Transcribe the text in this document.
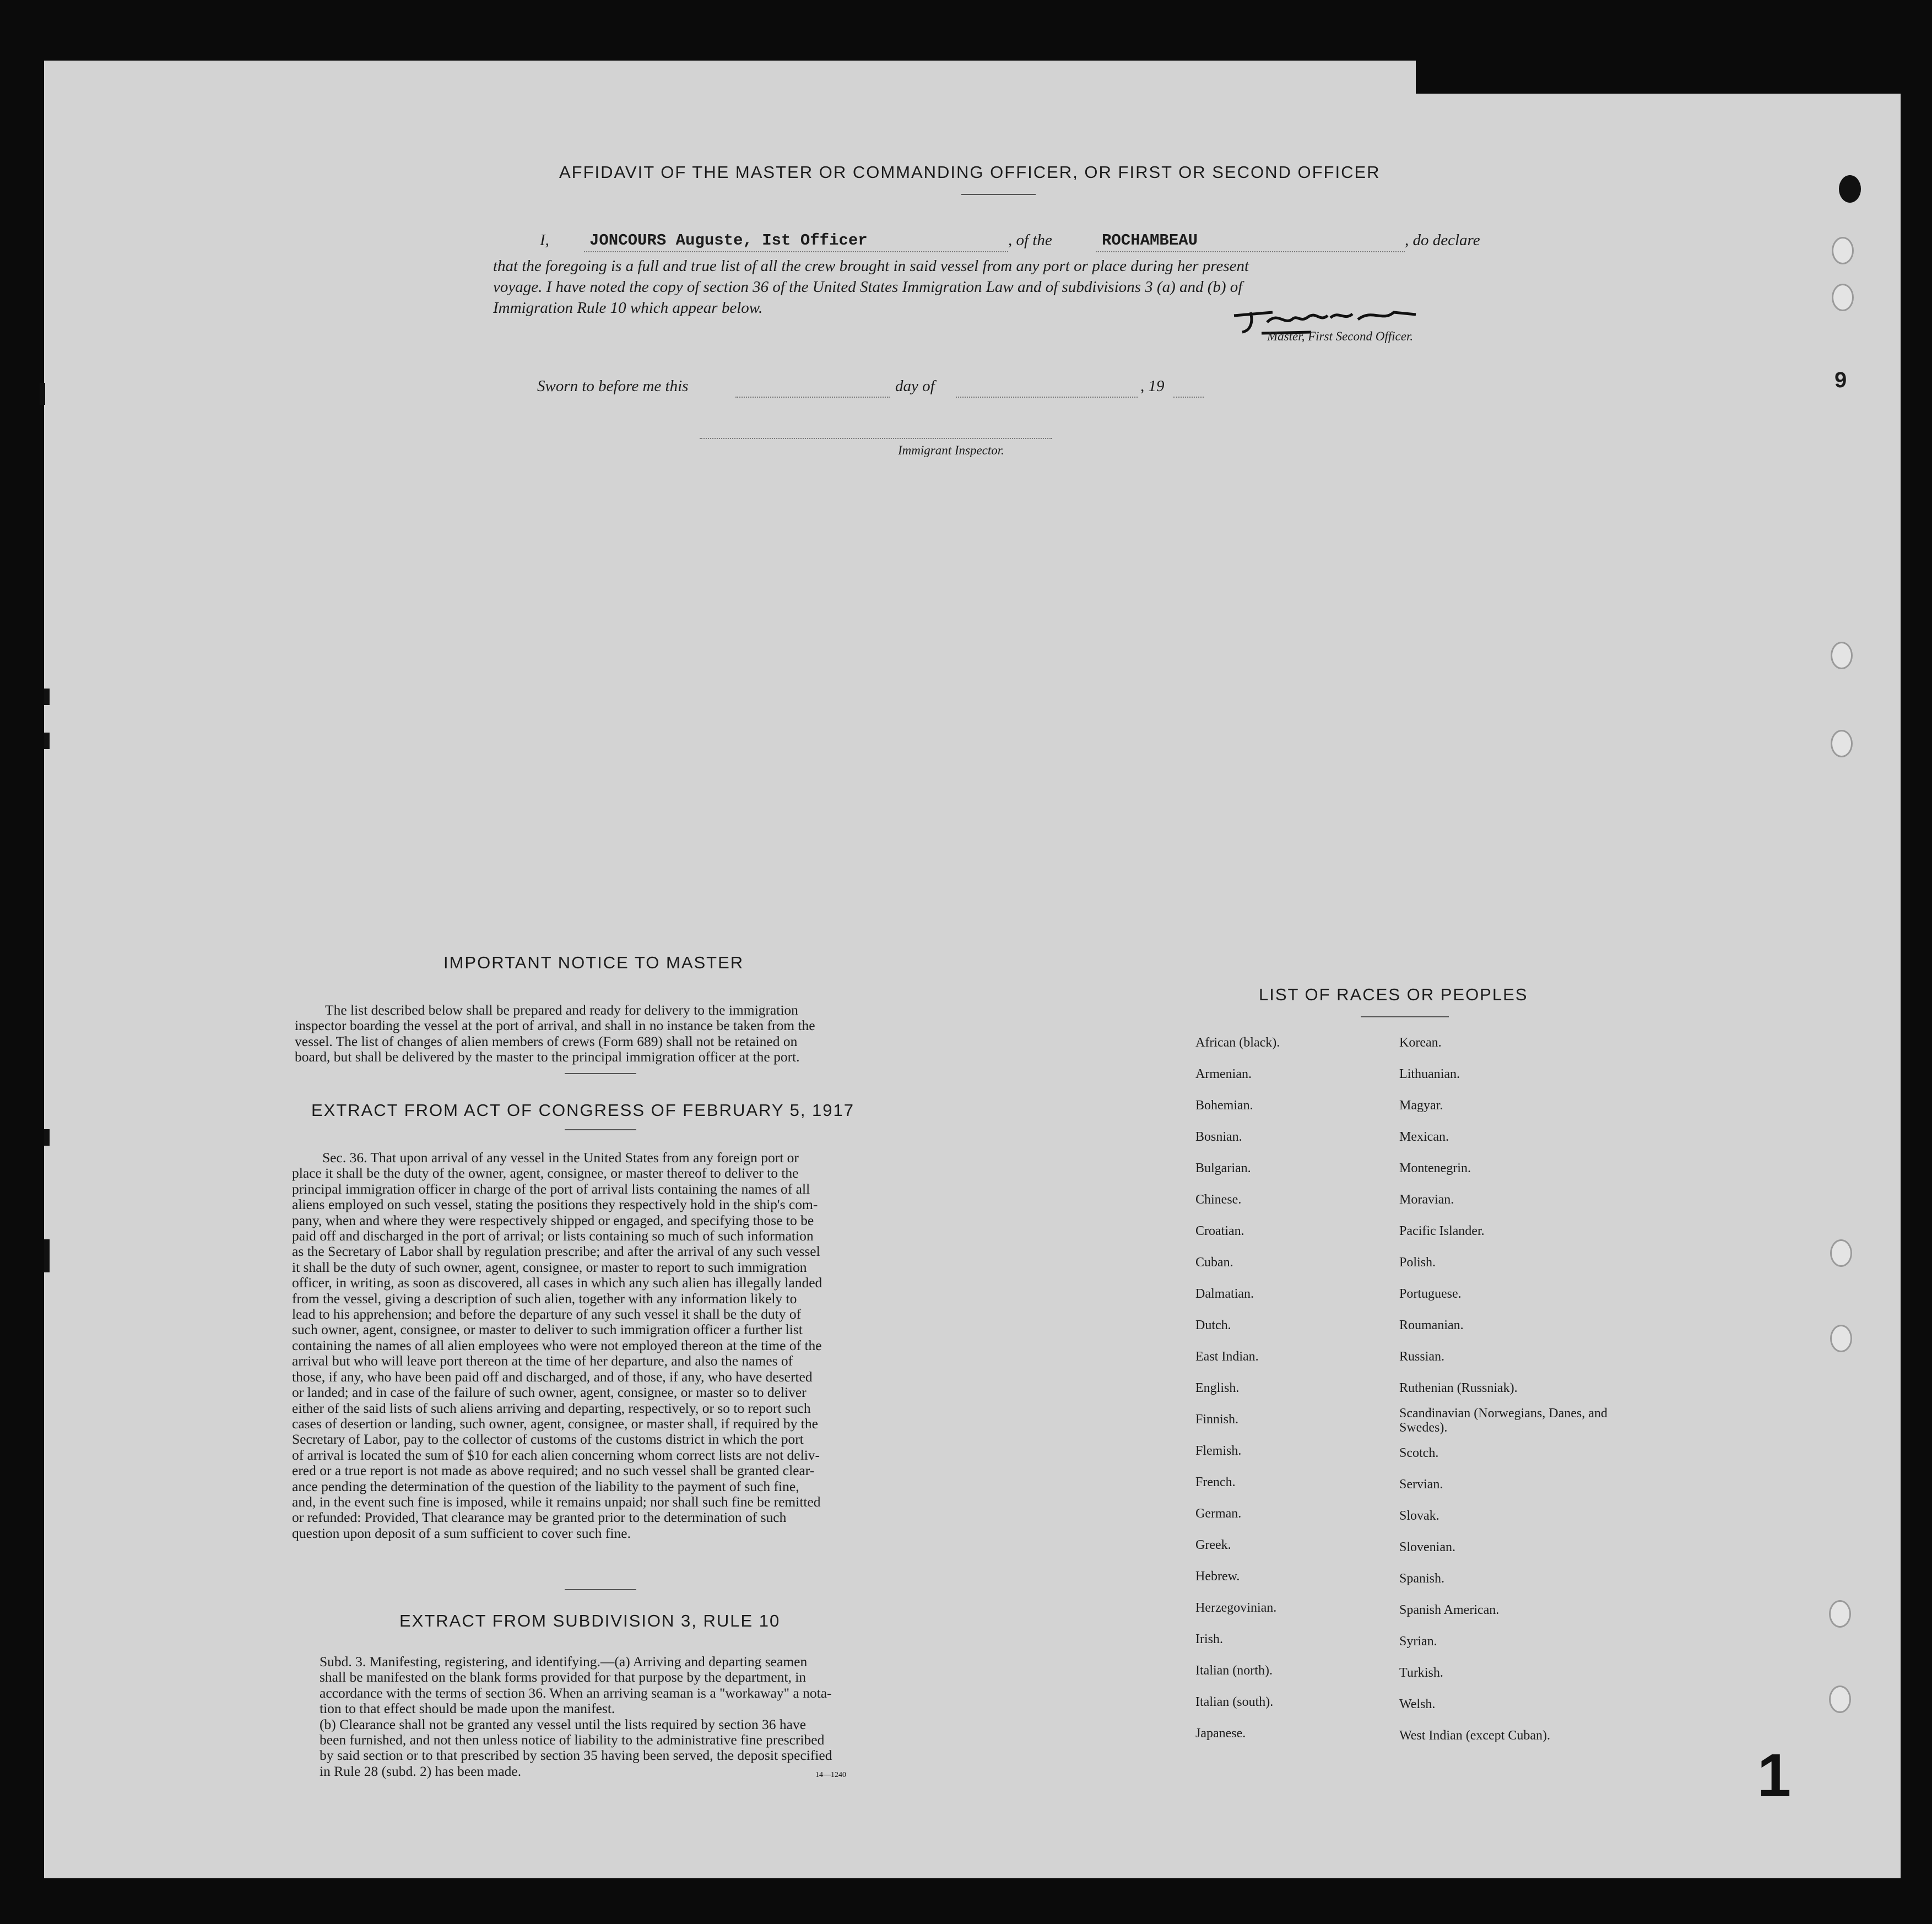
AFFIDAVIT OF THE MASTER OR COMMANDING OFFICER, OR FIRST OR SECOND OFFICER
I,	JONCOURS Auguste, Ist Officer	, of the	ROCHAMBEAU	, do declare
that the foregoing is a full and true list of all the crew brought in said vessel from any port or place during her present
voyage. I have noted the copy of section 36 of the United States Immigration Law and of subdivisions 3 (a) and (b) of
Immigration Rule 10 which appear below.
Master, First Second Officer.
Sworn to before me this	day of	, 19
Immigrant Inspector.
9
IMPORTANT NOTICE TO MASTER
The list described below shall be prepared and ready for delivery to the immigration
inspector boarding the vessel at the port of arrival, and shall in no instance be taken from the
vessel. The list of changes of alien members of crews (Form 689) shall not be retained on
board, but shall be delivered by the master to the principal immigration officer at the port.
EXTRACT FROM ACT OF CONGRESS OF FEBRUARY 5, 1917
Sec. 36. That upon arrival of any vessel in the United States from any foreign port or
place it shall be the duty of the owner, agent, consignee, or master thereof to deliver to the
principal immigration officer in charge of the port of arrival lists containing the names of all
aliens employed on such vessel, stating the positions they respectively hold in the ship's com-
pany, when and where they were respectively shipped or engaged, and specifying those to be
paid off and discharged in the port of arrival; or lists containing so much of such information
as the Secretary of Labor shall by regulation prescribe; and after the arrival of any such vessel
it shall be the duty of such owner, agent, consignee, or master to report to such immigration
officer, in writing, as soon as discovered, all cases in which any such alien has illegally landed
from the vessel, giving a description of such alien, together with any information likely to
lead to his apprehension; and before the departure of any such vessel it shall be the duty of
such owner, agent, consignee, or master to deliver to such immigration officer a further list
containing the names of all alien employees who were not employed thereon at the time of the
arrival but who will leave port thereon at the time of her departure, and also the names of
those, if any, who have been paid off and discharged, and of those, if any, who have deserted
or landed; and in case of the failure of such owner, agent, consignee, or master so to deliver
either of the said lists of such aliens arriving and departing, respectively, or so to report such
cases of desertion or landing, such owner, agent, consignee, or master shall, if required by the
Secretary of Labor, pay to the collector of customs of the customs district in which the port
of arrival is located the sum of $10 for each alien concerning whom correct lists are not deliv-
ered or a true report is not made as above required; and no such vessel shall be granted clear-
ance pending the determination of the question of the liability to the payment of such fine,
and, in the event such fine is imposed, while it remains unpaid; nor shall such fine be remitted
or refunded: Provided, That clearance may be granted prior to the determination of such
question upon deposit of a sum sufficient to cover such fine.
EXTRACT FROM SUBDIVISION 3, RULE 10
Subd. 3. Manifesting, registering, and identifying.—(a) Arriving and departing seamen
shall be manifested on the blank forms provided for that purpose by the department, in
accordance with the terms of section 36. When an arriving seaman is a "workaway" a nota-
tion to that effect should be made upon the manifest.
(b) Clearance shall not be granted any vessel until the lists required by section 36 have
been furnished, and not then unless notice of liability to the administrative fine prescribed
by said section or to that prescribed by section 35 having been served, the deposit specified
in Rule 28 (subd. 2) has been made.	14—1240
LIST OF RACES OR PEOPLES
African (black).
Armenian.
Bohemian.
Bosnian.
Bulgarian.
Chinese.
Croatian.
Cuban.
Dalmatian.
Dutch.
East Indian.
English.
Finnish.
Flemish.
French.
German.
Greek.
Hebrew.
Herzegovinian.
Irish.
Italian (north).
Italian (south).
Japanese.
Korean.
Lithuanian.
Magyar.
Mexican.
Montenegrin.
Moravian.
Pacific Islander.
Polish.
Portuguese.
Roumanian.
Russian.
Ruthenian (Russniak).
Scandinavian (Norwegians, Danes, and Swedes).
Scotch.
Servian.
Slovak.
Slovenian.
Spanish.
Spanish American.
Syrian.
Turkish.
Welsh.
West Indian (except Cuban).
1
